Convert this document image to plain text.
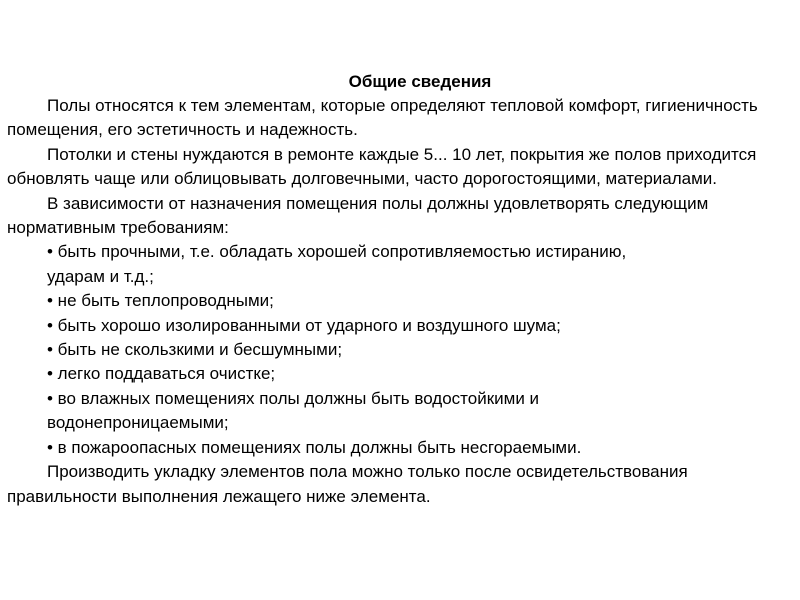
Общие сведения

Полы относятся к тем элементам, которые определяют тепловой комфорт, гигиеничность помещения, его эстетичность и надежность.

Потолки и стены нуждаются в ремонте каждые 5... 10 лет, покрытия же полов приходится обновлять чаще или облицовывать долговечными, часто дорогостоящими, материалами.

В зависимости от назначения помещения полы должны удовлетворять следующим нормативным требованиям:

• быть прочными, т.е. обладать хорошей сопротивляемостью истиранию, ударам и т.д.;

• не быть теплопроводными;

• быть хорошо изолированными от ударного и воздушного шума;

• быть не скользкими и бесшумными;

• легко поддаваться очистке;

• во влажных помещениях полы должны быть водостойкими и водонепроницаемыми;

• в пожароопасных помещениях полы должны быть несгораемыми.

Производить укладку элементов пола можно только после освидетельствования правильности выполнения лежащего ниже элемента.
